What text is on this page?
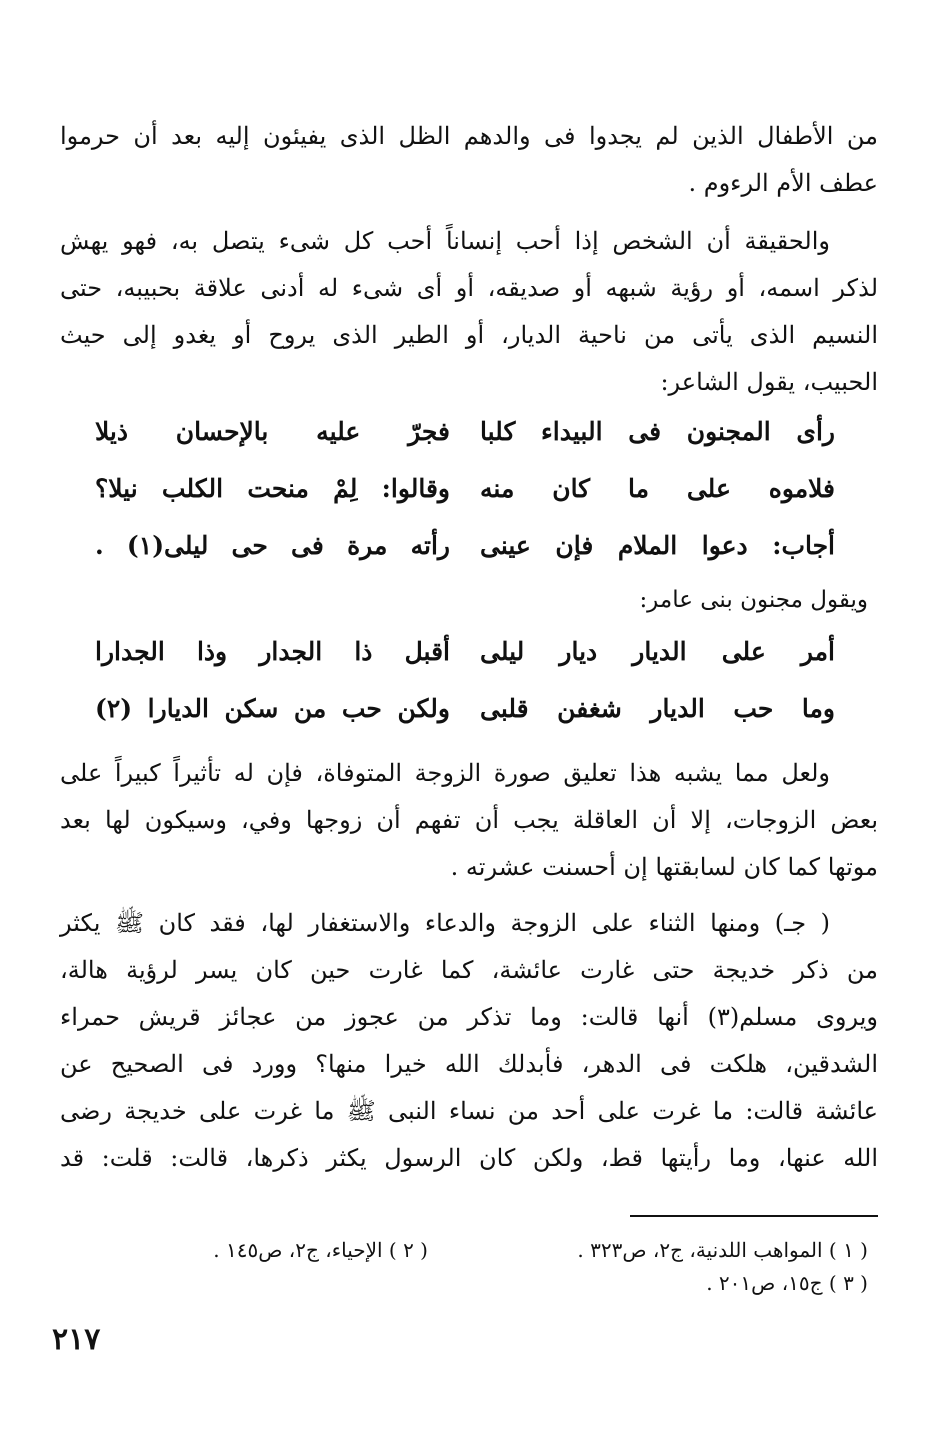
من الأطفال الذين لم يجدوا فى والدهم الظل الذى يفيئون إليه بعد أن حرموا
عطف الأم الرءوم .
والحقيقة أن الشخص إذا أحب إنساناً أحب كل شىء يتصل به، فهو يهش
لذكر اسمه، أو رؤية شبهه أو صديقه، أو أى شىء له أدنى علاقة بحبيبه، حتى
النسيم الذى يأتى من ناحية الديار، أو الطير الذى يروح أو يغدو إلى حيث
الحبيب، يقول الشاعر:
رأى المجنون فى البيداء كلبا
فجرّ عليه بالإحسان ذيلا
فلاموه على ما كان منه
وقالوا: لِمْ منحت الكلب نيلا؟
أجاب: دعوا الملام فإن عينى
رأته مرة فى حى ليلى(١) .
ويقول مجنون بنى عامر:
أمر على الديار ديار ليلى
أقبل ذا الجدار وذا الجدارا
وما حب الديار شغفن قلبى
ولكن حب من سكن الديارا (٢)
ولعل مما يشبه هذا تعليق صورة الزوجة المتوفاة، فإن له تأثيراً كبيراً على
بعض الزوجات، إلا أن العاقلة يجب أن تفهم أن زوجها وفي، وسيكون لها بعد
موتها كما كان لسابقتها إن أحسنت عشرته .
( جـ) ومنها الثناء على الزوجة والدعاء والاستغفار لها، فقد كان ﷺ يكثر
من ذكر خديجة حتى غارت عائشة، كما غارت حين كان يسر لرؤية هالة،
ويروى مسلم(٣) أنها قالت: وما تذكر من عجوز من عجائز قريش حمراء
الشدقين، هلكت فى الدهر، فأبدلك الله خيرا منها؟ وورد فى الصحيح عن
عائشة قالت: ما غرت على أحد من نساء النبى ﷺ ما غرت على خديجة رضى
الله عنها، وما رأيتها قط، ولكن كان الرسول يكثر ذكرها، قالت: قلت: قد
( ١ ) المواهب اللدنية، ج٢، ص٣٢٣ .
( ٢ ) الإحياء، ج٢، ص١٤٥ .
( ٣ ) ج١٥، ص٢٠١ .
٢١٧
